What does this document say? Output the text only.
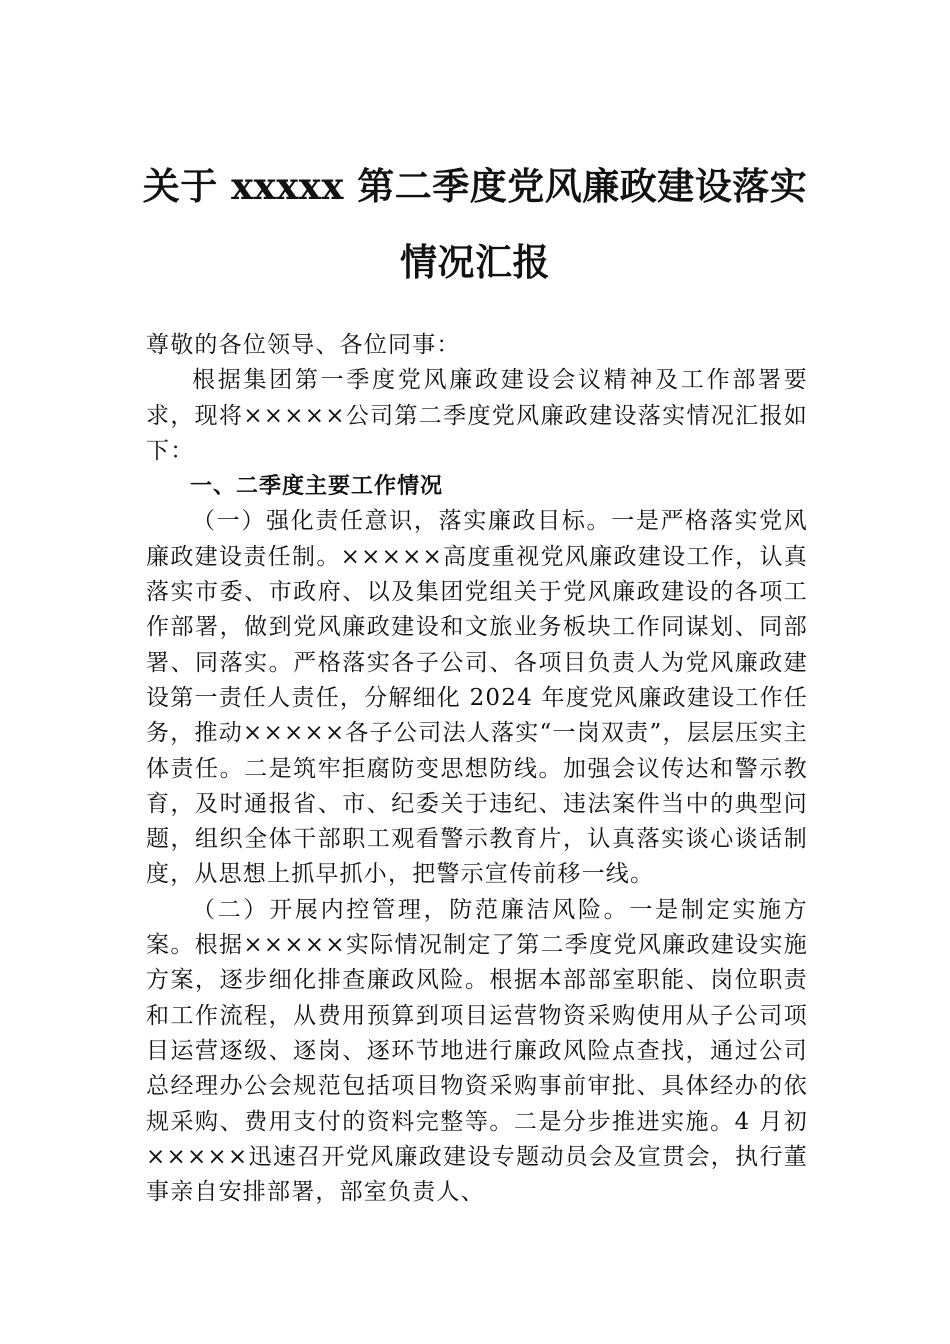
关于 xxxxx 第二季度党风廉政建设落实情况汇报

尊敬的各位领导、各位同事：

根据集团第一季度党风廉政建设会议精神及工作部署要求，现将×××××公司第二季度党风廉政建设落实情况汇报如下：

一、二季度主要工作情况

（一）强化责任意识，落实廉政目标。一是严格落实党风廉政建设责任制。×××××高度重视党风廉政建设工作，认真落实市委、市政府、以及集团党组关于党风廉政建设的各项工作部署，做到党风廉政建设和文旅业务板块工作同谋划、同部署、同落实。严格落实各子公司、各项目负责人为党风廉政建设第一责任人责任，分解细化 2024 年度党风廉政建设工作任务，推动×××××各子公司法人落实“一岗双责”，层层压实主体责任。二是筑牢拒腐防变思想防线。加强会议传达和警示教育，及时通报省、市、纪委关于违纪、违法案件当中的典型问题，组织全体干部职工观看警示教育片，认真落实谈心谈话制度，从思想上抓早抓小，把警示宣传前移一线。

（二）开展内控管理，防范廉洁风险。一是制定实施方案。根据×××××实际情况制定了第二季度党风廉政建设实施方案，逐步细化排查廉政风险。根据本部部室职能、岗位职责和工作流程，从费用预算到项目运营物资采购使用从子公司项目运营逐级、逐岗、逐环节地进行廉政风险点查找，通过公司总经理办公会规范包括项目物资采购事前审批、具体经办的依规采购、费用支付的资料完整等。二是分步推进实施。4 月初×××××迅速召开党风廉政建设专题动员会及宣贯会，执行董事亲自安排部署，部室负责人、
